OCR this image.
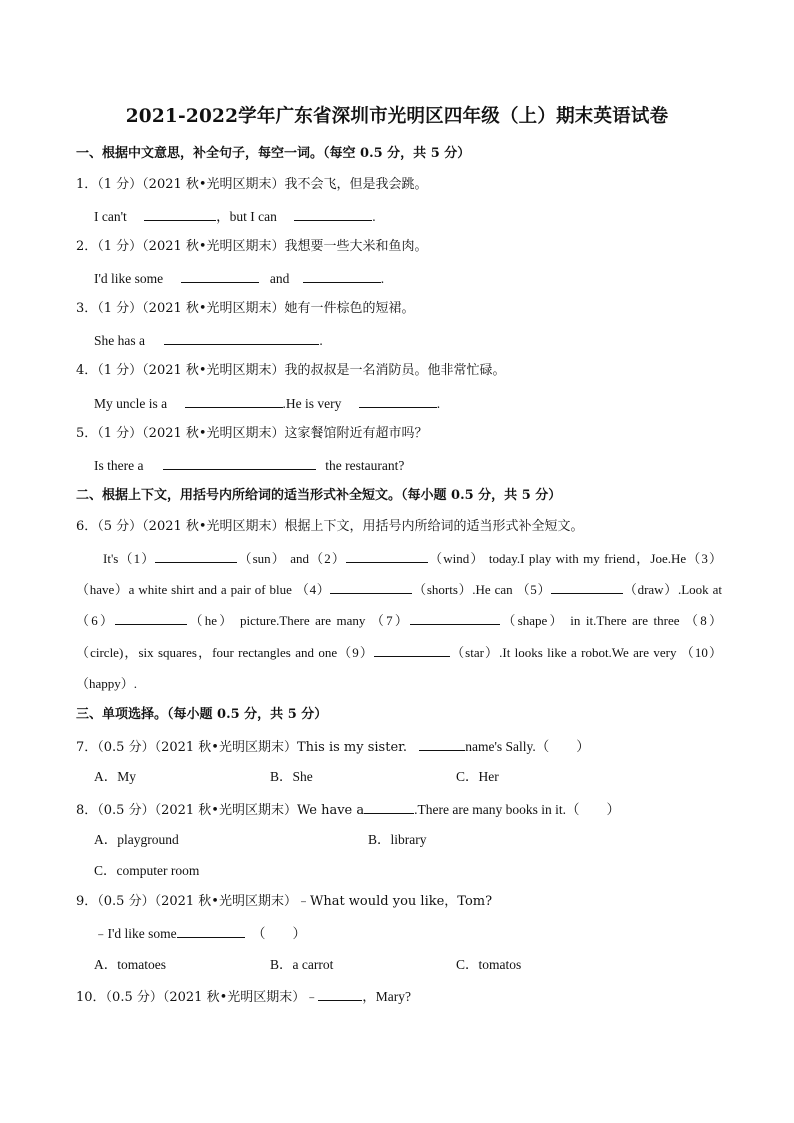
2021-2022学年广东省深圳市光明区四年级（上）期末英语试卷
一、根据中文意思，补全句子，每空一词。（每空 0.5 分，共 5 分）
1．（1 分）（2021 秋•光明区期末）我不会飞，但是我会跳。
I can't	，but I can	.
2．（1 分）（2021 秋•光明区期末）我想要一些大米和鱼肉。
I'd like some	and	.
3．（1 分）（2021 秋•光明区期末）她有一件棕色的短裙。
She has a	.
4．（1 分）（2021 秋•光明区期末）我的叔叔是一名消防员。他非常忙碌。
My uncle is a	.He is very	.
5．（1 分）（2021 秋•光明区期末）这家餐馆附近有超市吗？
Is there a	the restaurant?
二、根据上下文，用括号内所给词的适当形式补全短文。（每小题 0.5 分，共 5 分）
6．（5 分）（2021 秋•光明区期末）根据上下文，用括号内所给词的适当形式补全短文。
It's（1）	（sun） and（2）	（wind） today.I play with my friend，Joe.He（3） （have）a white shirt and a pair of blue （4）	（shorts）.He can （5）	（draw）.Look at （6）	（he） picture.There are many （7）	（shape） in it.There are three （8） （circle)，six squares，four rectangles and one（9）	（star）.It looks like a robot.We are very （10） （happy）.
三、单项选择。（每小题 0.5 分，共 5 分）
7．（0.5 分）（2021 秋•光明区期末）This is my sister.	name's Sally.（　　）
A．My	B．She	C．Her
8．（0.5 分）（2021 秋•光明区期末）We have a	.There are many books in it.（　　）
A．playground	B．library
C．computer room
9．（0.5 分）（2021 秋•光明区期末）﹣What would you like，Tom?
﹣I'd like some	（　　）
A．tomatoes	B．a carrot	C．tomatos
10．（0.5 分）（2021 秋•光明区期末）﹣	，Mary?
